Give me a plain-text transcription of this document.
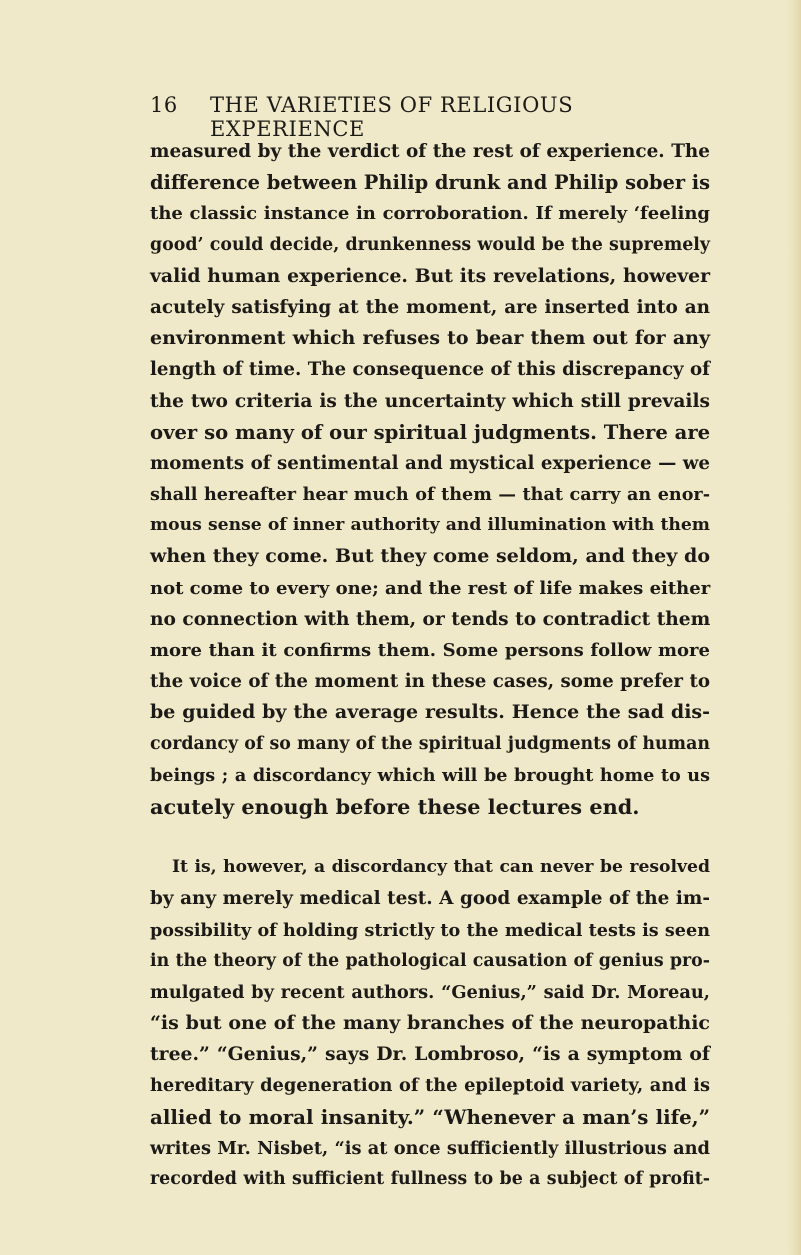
16 THE VARIETIES OF RELIGIOUS EXPERIENCE
measured by the verdict of the rest of experience. The
difference between Philip drunk and Philip sober is
the classic instance in corroboration. If merely ‘feeling
good’ could decide, drunkenness would be the supremely
valid human experience. But its revelations, however
acutely satisfying at the moment, are inserted into an
environment which refuses to bear them out for any
length of time. The consequence of this discrepancy of
the two criteria is the uncertainty which still prevails
over so many of our spiritual judgments. There are
moments of sentimental and mystical experience — we
shall hereafter hear much of them — that carry an enor-
mous sense of inner authority and illumination with them
when they come. But they come seldom, and they do
not come to every one; and the rest of life makes either
no connection with them, or tends to contradict them
more than it confirms them. Some persons follow more
the voice of the moment in these cases, some prefer to
be guided by the average results. Hence the sad dis-
cordancy of so many of the spiritual judgments of human
beings ; a discordancy which will be brought home to us
acutely enough before these lectures end.
It is, however, a discordancy that can never be resolved
by any merely medical test. A good example of the im-
possibility of holding strictly to the medical tests is seen
in the theory of the pathological causation of genius pro-
mulgated by recent authors. “Genius,” said Dr. Moreau,
“is but one of the many branches of the neuropathic
tree.” “Genius,” says Dr. Lombroso, “is a symptom of
hereditary degeneration of the epileptoid variety, and is
allied to moral insanity.” “Whenever a man’s life,”
writes Mr. Nisbet, “is at once sufficiently illustrious and
recorded with sufficient fullness to be a subject of profit-
